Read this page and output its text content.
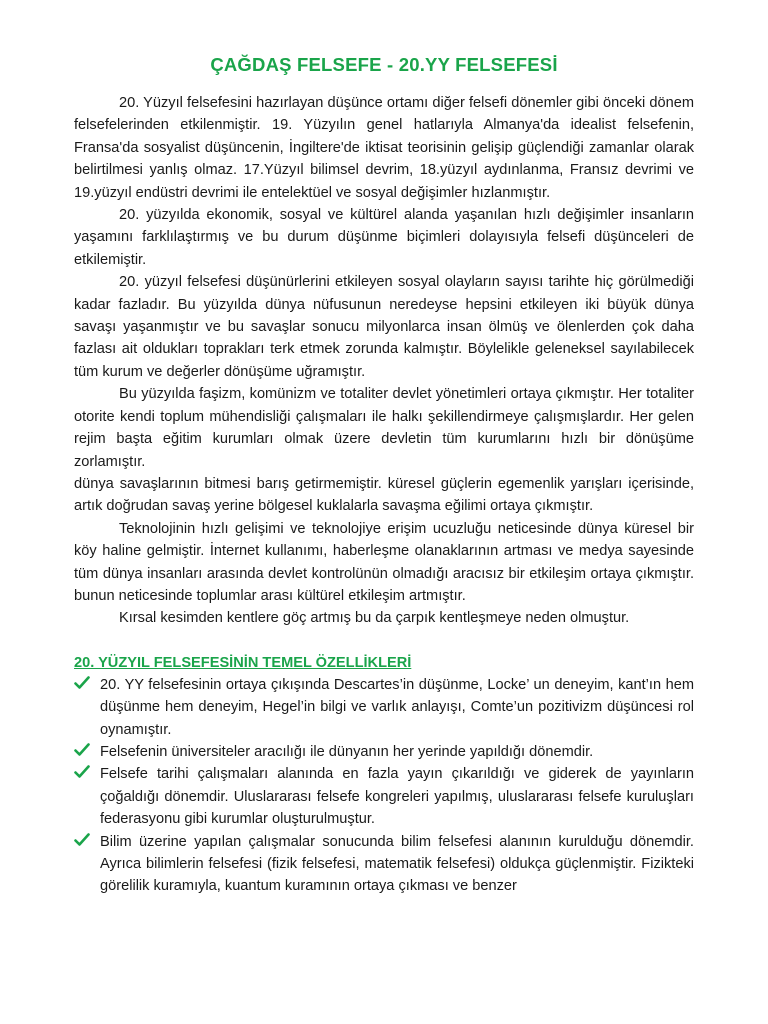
ÇAĞDAŞ FELSEFE - 20.YY FELSEFESİ

20. Yüzyıl felsefesini hazırlayan düşünce ortamı diğer felsefi dönemler gibi önceki dönem felsefelerinden etkilenmiştir. 19. Yüzyılın genel hatlarıyla Almanya'da idealist felsefenin, Fransa'da sosyalist düşüncenin, İngiltere'de iktisat teorisinin gelişip güçlendiği zamanlar olarak belirtilmesi yanlış olmaz. 17.Yüzyıl bilimsel devrim, 18.yüzyıl aydınlanma, Fransız devrimi ve 19.yüzyıl endüstri devrimi ile entelektüel ve sosyal değişimler hızlanmıştır.

20. yüzyılda ekonomik, sosyal ve kültürel alanda yaşanılan hızlı değişimler insanların yaşamını farklılaştırmış ve bu durum düşünme biçimleri dolayısıyla felsefi düşünceleri de etkilemiştir.

20. yüzyıl felsefesi düşünürlerini etkileyen sosyal olayların sayısı tarihte hiç görülmediği kadar fazladır. Bu yüzyılda dünya nüfusunun neredeyse hepsini etkileyen iki büyük dünya savaşı yaşanmıştır ve bu savaşlar sonucu milyonlarca insan ölmüş ve ölenlerden çok daha fazlası ait oldukları toprakları terk etmek zorunda kalmıştır. Böylelikle geleneksel sayılabilecek tüm kurum ve değerler dönüşüme uğramıştır.

Bu yüzyılda faşizm, komünizm ve totaliter devlet yönetimleri ortaya çıkmıştır. Her totaliter otorite kendi toplum mühendisliği çalışmaları ile halkı şekillendirmeye çalışmışlardır. Her gelen rejim başta eğitim kurumları olmak üzere devletin tüm kurumlarını hızlı bir dönüşüme zorlamıştır.

dünya savaşlarının bitmesi barış getirmemiştir. küresel güçlerin egemenlik yarışları içerisinde, artık doğrudan savaş yerine bölgesel kuklalarla savaşma eğilimi ortaya çıkmıştır.

Teknolojinin hızlı gelişimi ve teknolojiye erişim ucuzluğu neticesinde dünya küresel bir köy haline gelmiştir. İnternet kullanımı, haberleşme olanaklarının artması ve medya sayesinde tüm dünya insanları arasında devlet kontrolünün olmadığı aracısız bir etkileşim ortaya çıkmıştır. bunun neticesinde toplumlar arası kültürel etkileşim artmıştır.

Kırsal kesimden kentlere göç artmış bu da çarpık kentleşmeye neden olmuştur.

20. YÜZYIL FELSEFESİNİN TEMEL ÖZELLİKLERİ
20. YY felsefesinin ortaya çıkışında Descartes’in düşünme, Locke’ un deneyim, kant’ın hem düşünme hem deneyim, Hegel’in bilgi ve varlık anlayışı, Comte’un pozitivizm düşüncesi rol oynamıştır.
Felsefenin üniversiteler aracılığı ile dünyanın her yerinde yapıldığı dönemdir.
Felsefe tarihi çalışmaları alanında en fazla yayın çıkarıldığı ve giderek de yayınların çoğaldığı dönemdir. Uluslararası felsefe kongreleri yapılmış, uluslararası felsefe kuruluşları federasyonu gibi kurumlar oluşturulmuştur.
Bilim üzerine yapılan çalışmalar sonucunda bilim felsefesi alanının kurulduğu dönemdir. Ayrıca bilimlerin felsefesi (fizik felsefesi, matematik felsefesi) oldukça güçlenmiştir. Fizikteki görelilik kuramıyla, kuantum kuramının ortaya çıkması ve benzer
